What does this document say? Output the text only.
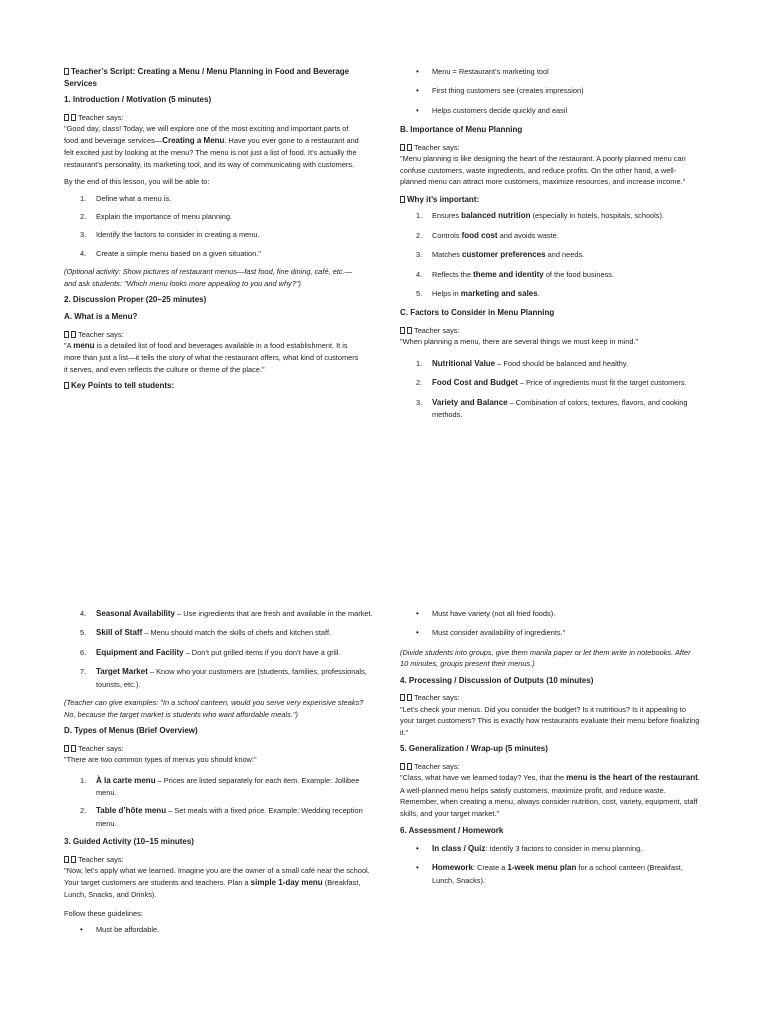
Teacher’s Script: Creating a Menu / Menu Planning in Food and Beverage Services

1. Introduction / Motivation (5 minutes)

Teacher says:

"Good day, class! Today, we will explore one of the most exciting and important parts of food and beverage services—Creating a Menu. Have you ever gone to a restaurant and felt excited just by looking at the menu? The menu is not just a list of food. It’s actually the restaurant’s personality, its marketing tool, and its way of communicating with customers.

By the end of this lesson, you will be able to:

1. Define what a menu is.
2. Explain the importance of menu planning.
3. Identify the factors to consider in creating a menu.
4. Create a simple menu based on a given situation."

(Optional activity: Show pictures of restaurant menus—fast food, fine dining, café, etc.—and ask students: "Which menu looks more appealing to you and why?")

2. Discussion Proper (20–25 minutes)

A. What is a Menu?

Teacher says:

"A menu is a detailed list of food and beverages available in a food establishment. It is more than just a list—it tells the story of what the restaurant offers, what kind of customers it serves, and even reflects the culture or theme of the place."

Key Points to tell students:

• Menu = Restaurant’s marketing tool
• First thing customers see (creates impression)
• Helps customers decide quickly and easil

B. Importance of Menu Planning

Teacher says:

"Menu planning is like designing the heart of the restaurant. A poorly planned menu can confuse customers, waste ingredients, and reduce profits. On the other hand, a well-planned menu can attract more customers, maximize resources, and increase income."

Why it’s important:

1. Ensures balanced nutrition (especially in hotels, hospitals, schools).
2. Controls food cost and avoids waste.
3. Matches customer preferences and needs.
4. Reflects the theme and identity of the food business.
5. Helps in marketing and sales.

C. Factors to Consider in Menu Planning

Teacher says:

"When planning a menu, there are several things we must keep in mind."

1. Nutritional Value – Food should be balanced and healthy.
2. Food Cost and Budget – Price of ingredients must fit the target customers.
3. Variety and Balance – Combination of colors, textures, flavors, and cooking methods.
4. Seasonal Availability – Use ingredients that are fresh and available in the market.
5. Skill of Staff – Menu should match the skills of chefs and kitchen staff.
6. Equipment and Facility – Don’t put grilled items if you don’t have a grill.
7. Target Market – Know who your customers are (students, families, professionals, tourists, etc.).

(Teacher can give examples: "In a school canteen, would you serve very expensive steaks? No, because the target market is students who want affordable meals.")

D. Types of Menus (Brief Overview)

Teacher says:

"There are two common types of menus you should know:"

1. À la carte menu – Prices are listed separately for each item. Example: Jollibee menu.
2. Table d’hôte menu – Set meals with a fixed price. Example: Wedding reception menu.

3. Guided Activity (10–15 minutes)

Teacher says:

"Now, let’s apply what we learned. Imagine you are the owner of a small café near the school. Your target customers are students and teachers. Plan a simple 1-day menu (Breakfast, Lunch, Snacks, and Drinks).

Follow these guidelines:

• Must be affordable.
• Must have variety (not all fried foods).
• Must consider availability of ingredients."

(Divide students into groups, give them manila paper or let them write in notebooks. After 10 minutes, groups present their menus.)

4. Processing / Discussion of Outputs (10 minutes)

Teacher says:

"Let’s check your menus. Did you consider the budget? Is it nutritious? Is it appealing to your target customers? This is exactly how restaurants evaluate their menu before finalizing it."

5. Generalization / Wrap-up (5 minutes)

Teacher says:

"Class, what have we learned today? Yes, that the menu is the heart of the restaurant. A well-planned menu helps satisfy customers, maximize profit, and reduce waste. Remember, when creating a menu, always consider nutrition, cost, variety, equipment, staff skills, and your target market."

6. Assessment / Homework

• In class / Quiz: Identify 3 factors to consider in menu planning.
• Homework: Create a 1-week menu plan for a school canteen (Breakfast, Lunch, Snacks).
